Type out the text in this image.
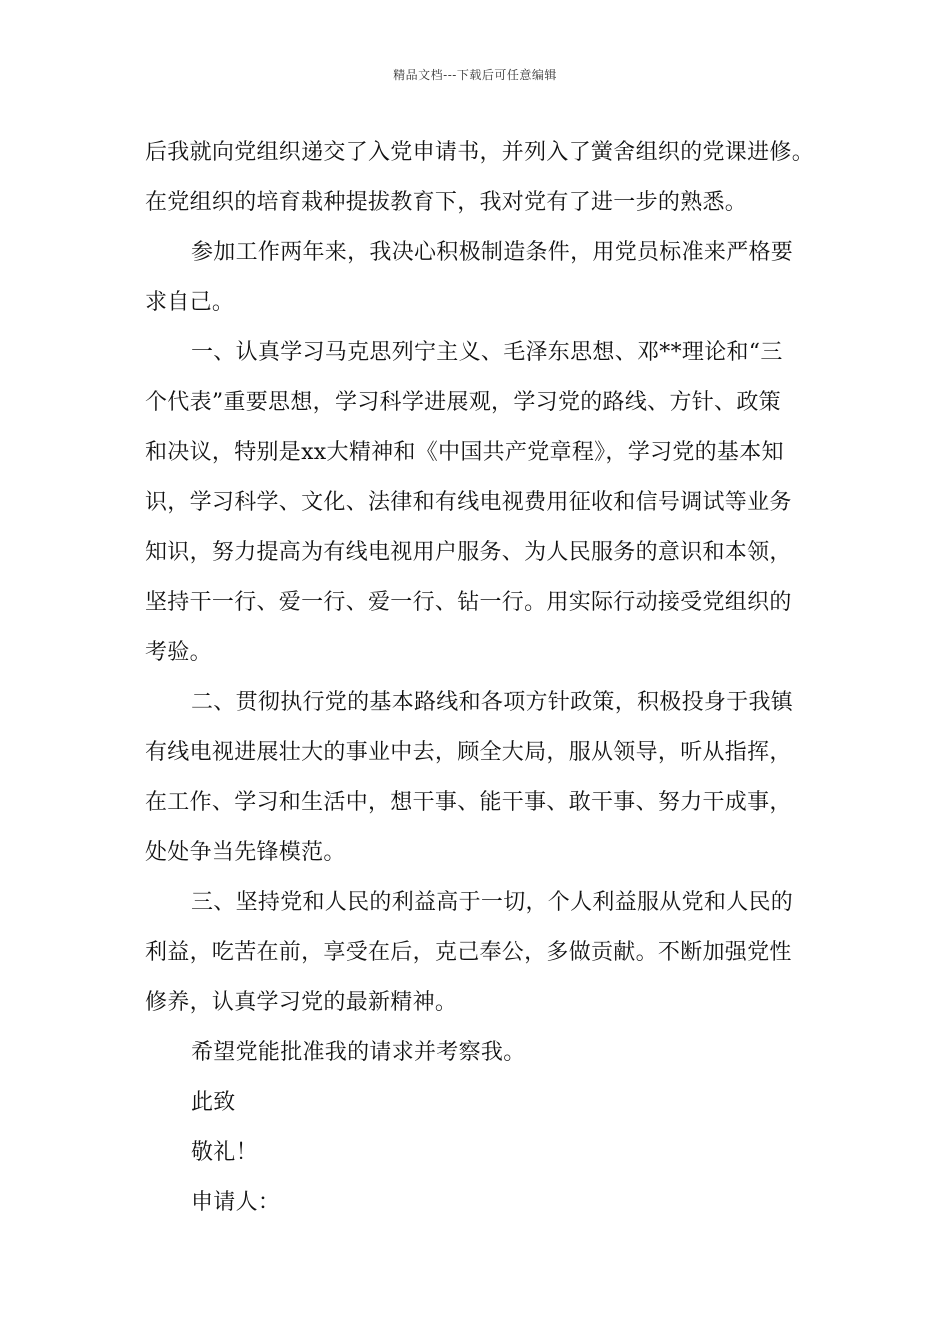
精品文档---下载后可任意编辑
后我就向党组织递交了入党申请书，并列入了黉舍组织的党课进修。
在党组织的培育栽种提拔教育下，我对党有了进一步的熟悉。
参加工作两年来，我决心积极制造条件，用党员标准来严格要
求自己。
一、认真学习马克思列宁主义、毛泽东思想、邓**理论和“三
个代表”重要思想，学习科学进展观，学习党的路线、方针、政策
和决议，特别是xx大精神和《中国共产党章程》，学习党的基本知
识，学习科学、文化、法律和有线电视费用征收和信号调试等业务
知识，努力提高为有线电视用户服务、为人民服务的意识和本领，
坚持干一行、爱一行、爱一行、钻一行。用实际行动接受党组织的
考验。
二、贯彻执行党的基本路线和各项方针政策，积极投身于我镇
有线电视进展壮大的事业中去，顾全大局，服从领导，听从指挥，
在工作、学习和生活中，想干事、能干事、敢干事、努力干成事，
处处争当先锋模范。
三、坚持党和人民的利益高于一切，个人利益服从党和人民的
利益，吃苦在前，享受在后，克己奉公，多做贡献。不断加强党性
修养，认真学习党的最新精神。
希望党能批准我的请求并考察我。
此致
敬礼！
申请人：
